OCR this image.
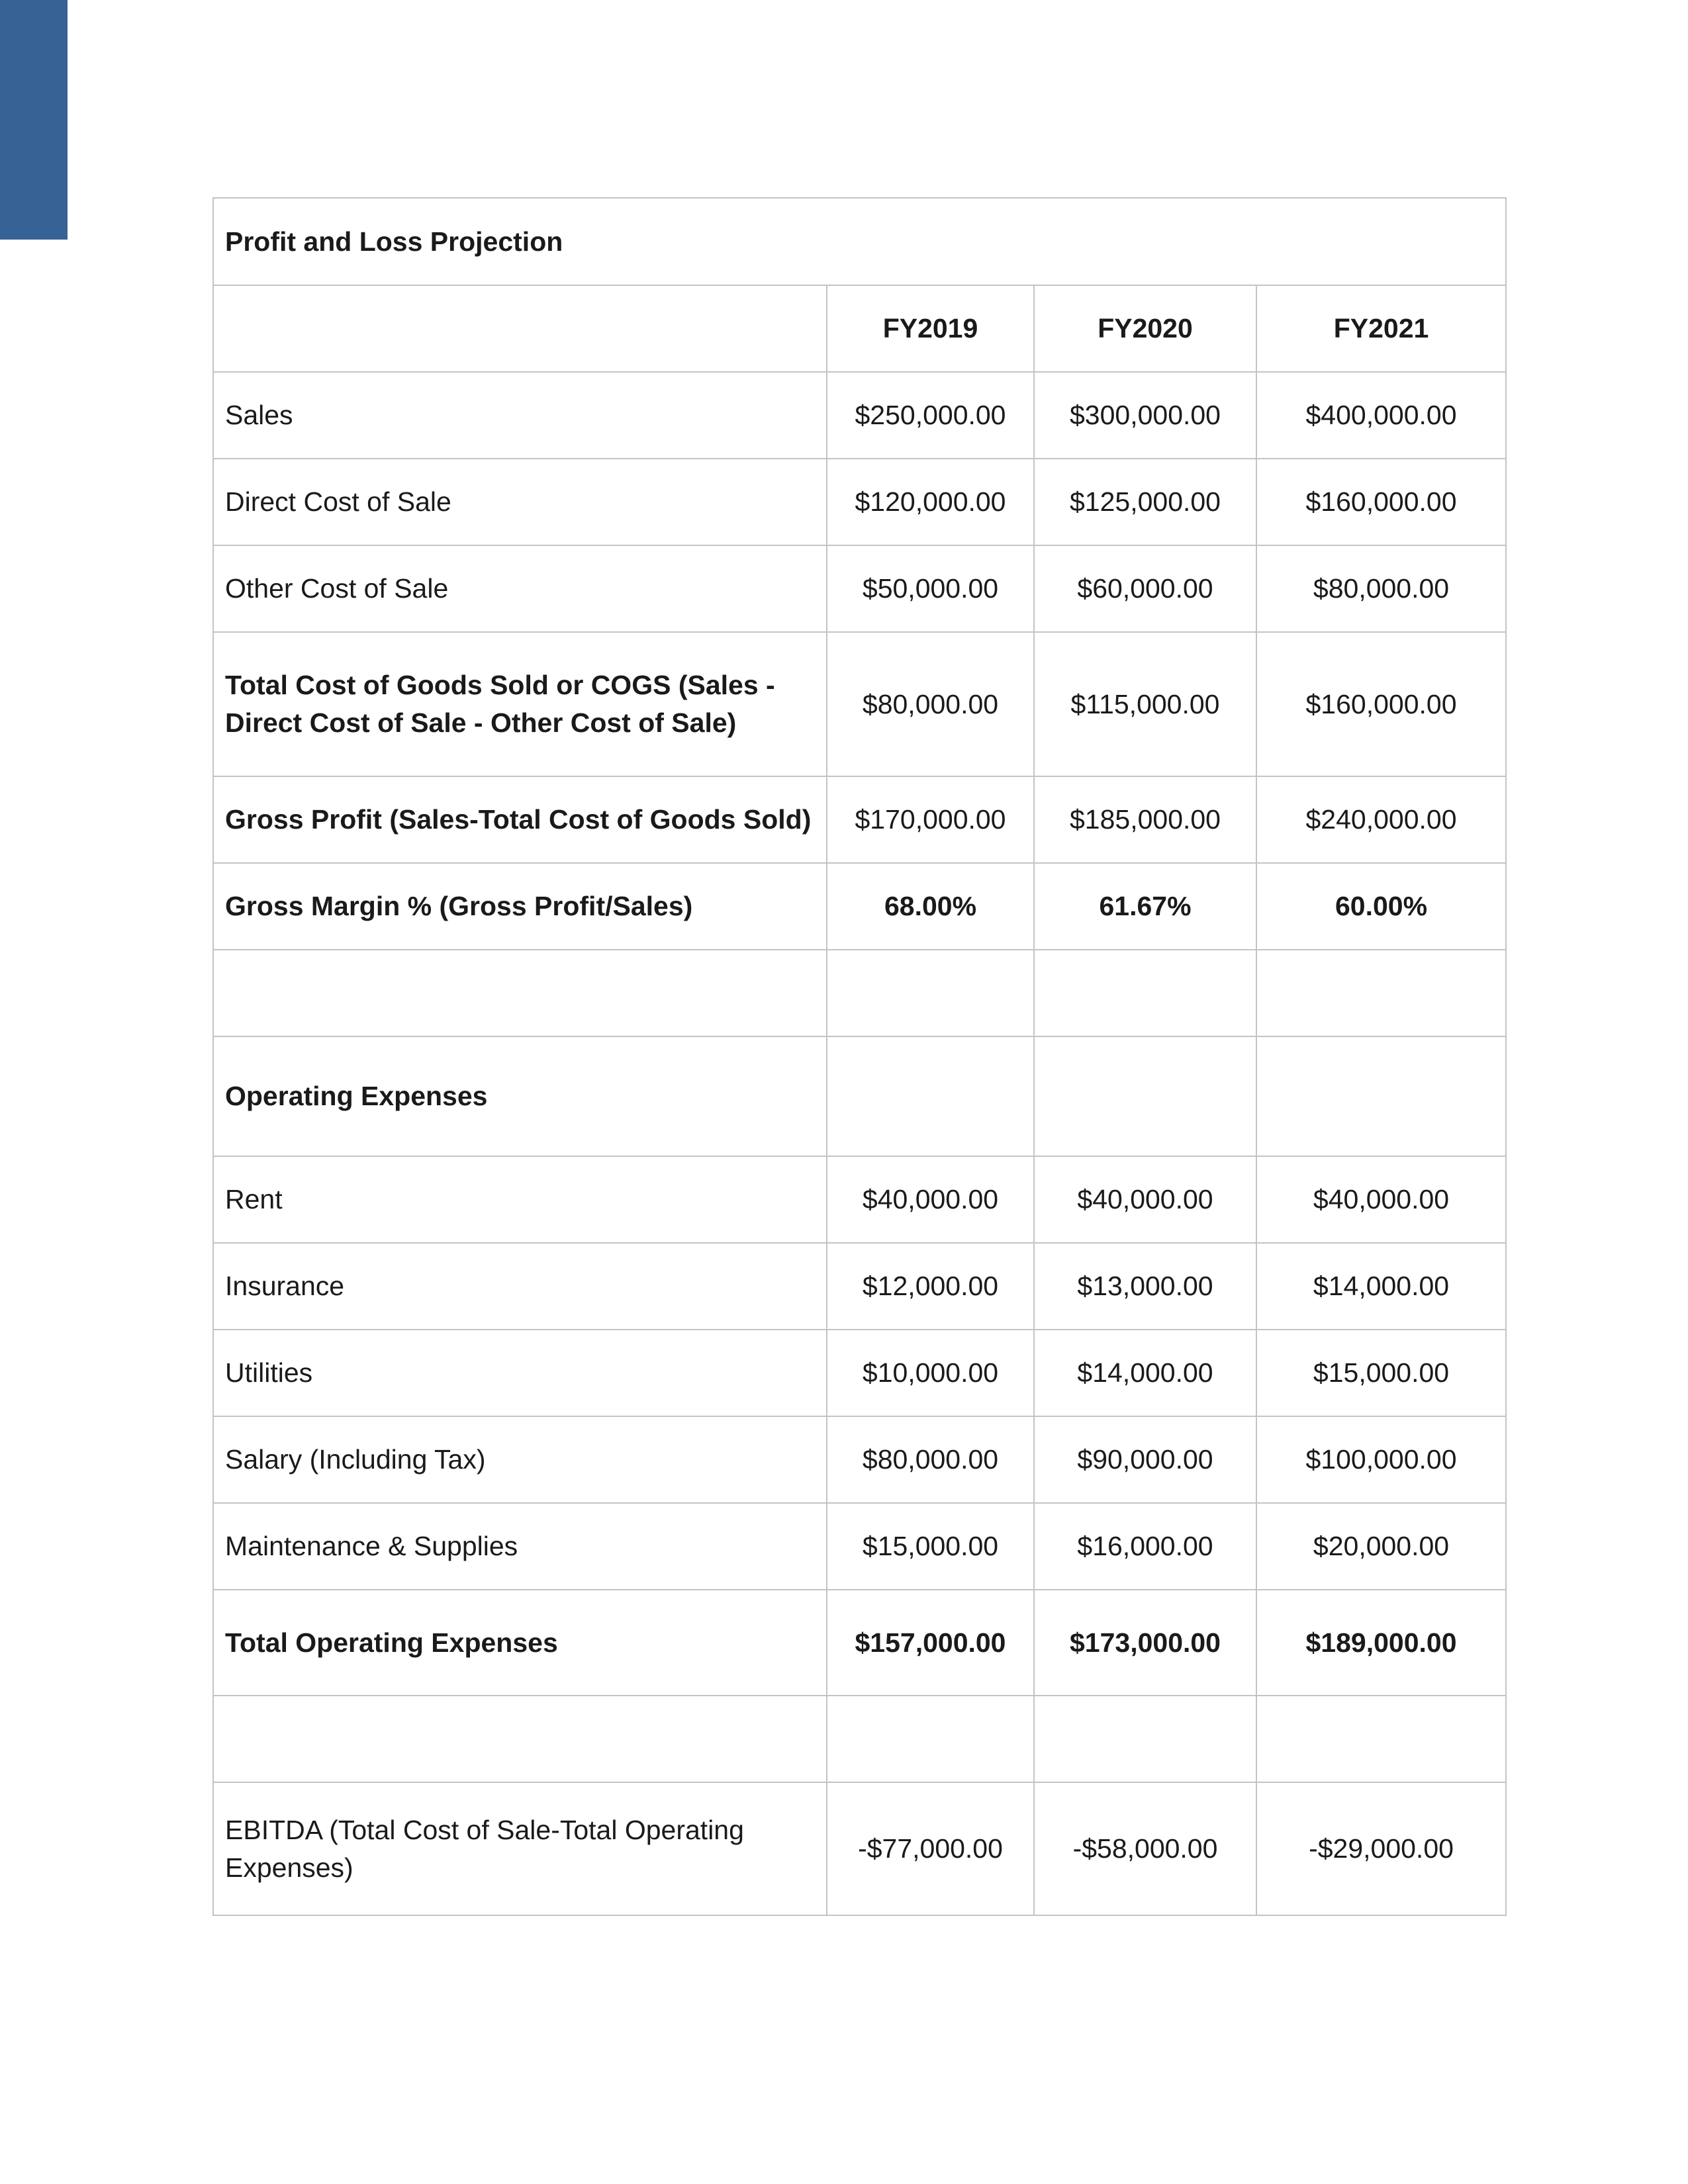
Profit and Loss Projection			
	FY2019	FY2020	FY2021
Sales	$250,000.00	$300,000.00	$400,000.00
Direct Cost of Sale	$120,000.00	$125,000.00	$160,000.00
Other Cost of Sale	$50,000.00	$60,000.00	$80,000.00
Total Cost of Goods Sold or COGS (Sales - Direct Cost of Sale - Other Cost of Sale)	$80,000.00	$115,000.00	$160,000.00
Gross Profit (Sales-Total Cost of Goods Sold)	$170,000.00	$185,000.00	$240,000.00
Gross Margin % (Gross Profit/Sales)	68.00%	61.67%	60.00%

Operating Expenses			
Rent	$40,000.00	$40,000.00	$40,000.00
Insurance	$12,000.00	$13,000.00	$14,000.00
Utilities	$10,000.00	$14,000.00	$15,000.00
Salary (Including Tax)	$80,000.00	$90,000.00	$100,000.00
Maintenance & Supplies	$15,000.00	$16,000.00	$20,000.00
Total Operating Expenses	$157,000.00	$173,000.00	$189,000.00

EBITDA (Total Cost of Sale-Total Operating Expenses)	-$77,000.00	-$58,000.00	-$29,000.00
